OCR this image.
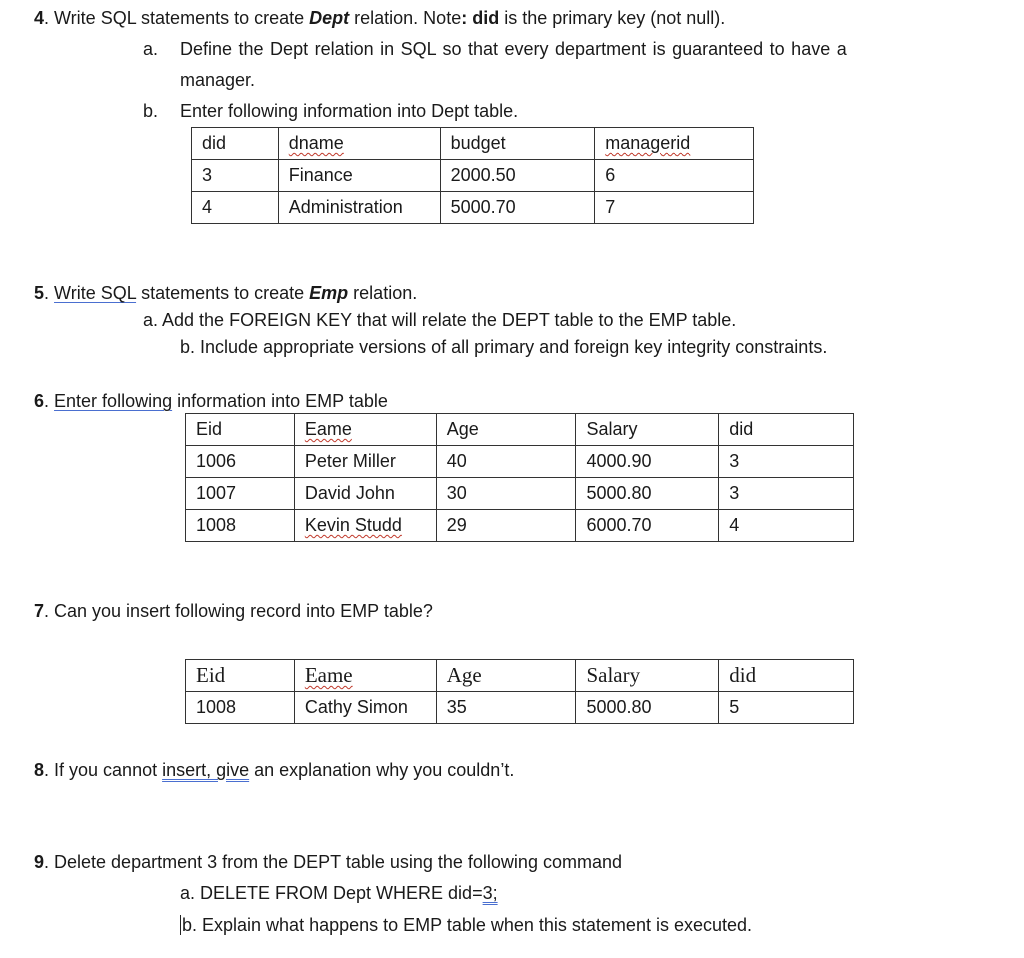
4. Write SQL statements to create Dept relation. Note: did is the primary key (not null).
a. Define the Dept relation in SQL so that every department is guaranteed to have a
manager.
b. Enter following information into Dept table.
did	dname	budget	managerid
3	Finance	2000.50	6
4	Administration	5000.70	7
5. Write SQL statements to create Emp relation.
a. Add the FOREIGN KEY that will relate the DEPT table to the EMP table.
b. Include appropriate versions of all primary and foreign key integrity constraints.
6. Enter following information into EMP table
Eid	Eame	Age	Salary	did
1006	Peter Miller	40	4000.90	3
1007	David John	30	5000.80	3
1008	Kevin Studd	29	6000.70	4
7. Can you insert following record into EMP table?
Eid	Eame	Age	Salary	did
1008	Cathy Simon	35	5000.80	5
8. If you cannot insert, give an explanation why you couldn’t.
9. Delete department 3 from the DEPT table using the following command
a. DELETE FROM Dept WHERE did=3;
b. Explain what happens to EMP table when this statement is executed.
